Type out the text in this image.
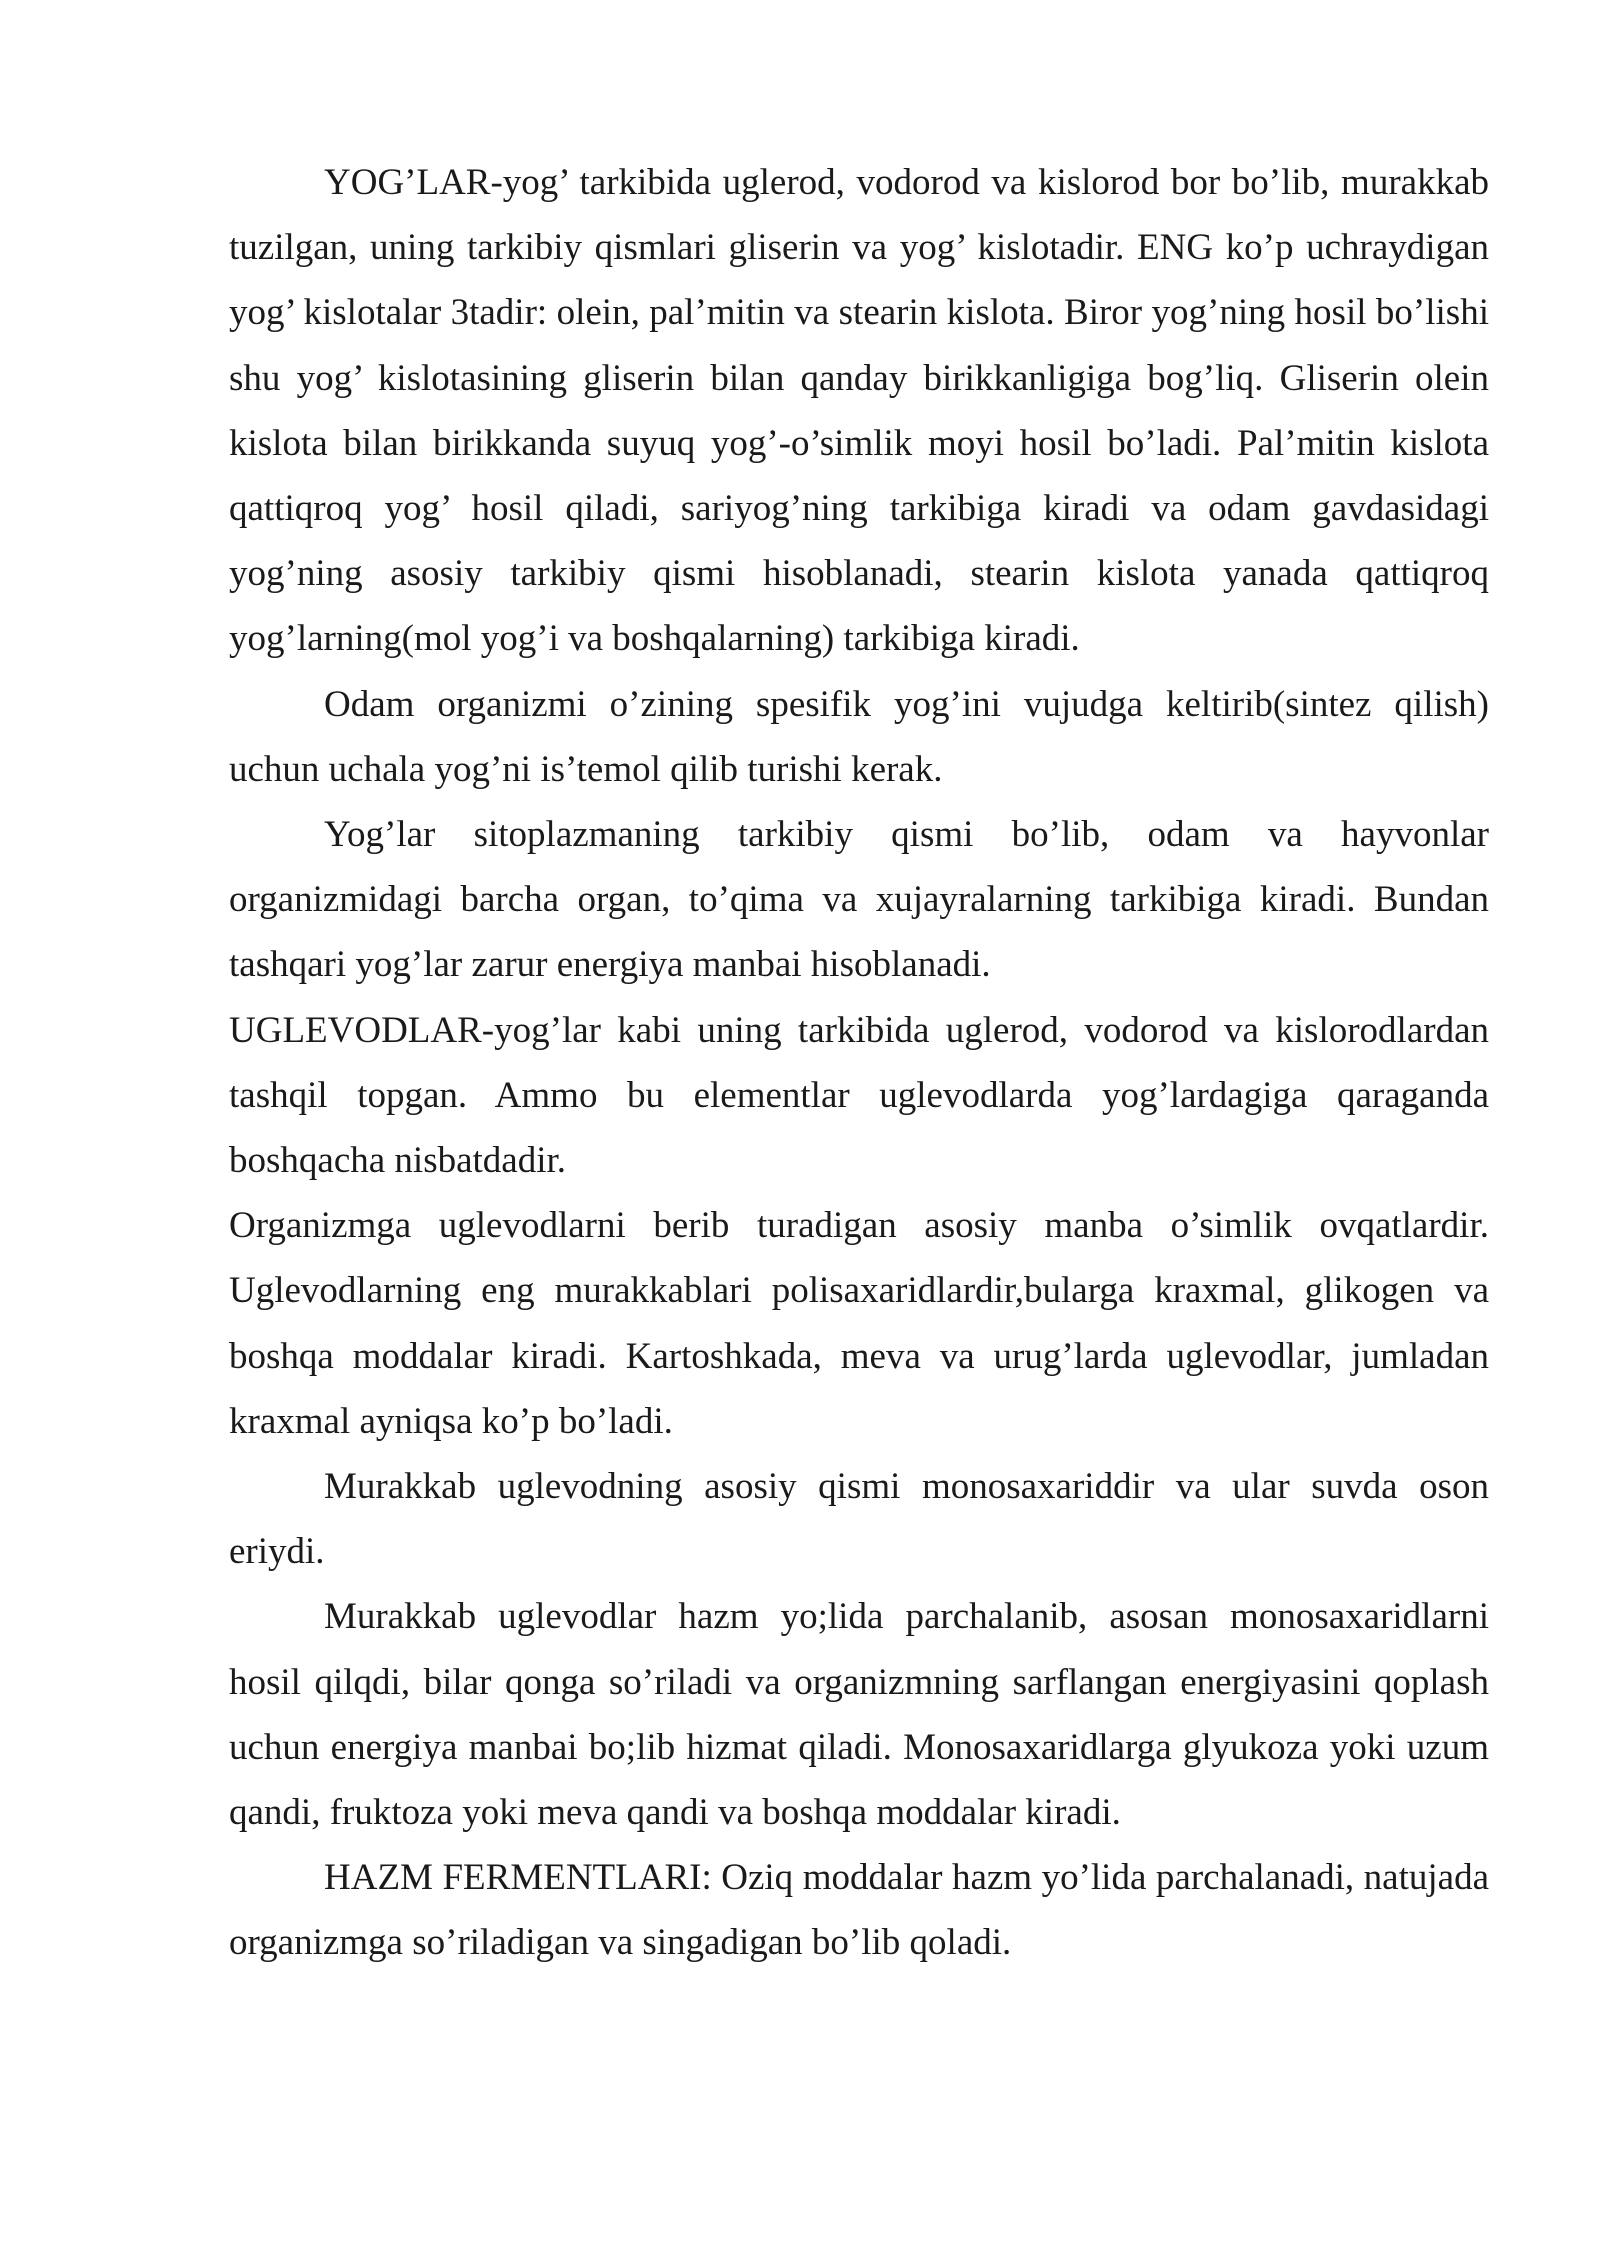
YOG’LAR-yog’ tarkibida uglerod, vodorod va kislorod bor bo’lib, murakkab tuzilgan, uning tarkibiy qismlari gliserin va yog’ kislotadir. ENG ko’p uchraydigan yog’ kislotalar 3tadir: olein, pal’mitin va stearin kislota. Biror yog’ning hosil bo’lishi shu yog’ kislotasining gliserin bilan qanday birikkanligiga bog’liq. Gliserin olein kislota bilan birikkanda suyuq yog’-o’simlik moyi hosil bo’ladi. Pal’mitin kislota qattiqroq yog’ hosil qiladi, sariyog’ning tarkibiga kiradi va odam gavdasidagi yog’ning asosiy tarkibiy qismi hisoblanadi, stearin kislota yanada qattiqroq yog’larning(mol yog’i va boshqalarning) tarkibiga kiradi.

Odam organizmi o’zining spesifik yog’ini vujudga keltirib(sintez qilish) uchun uchala yog’ni is’temol qilib turishi kerak.

Yog’lar sitoplazmaning tarkibiy qismi bo’lib, odam va hayvonlar organizmidagi barcha organ, to’qima va xujayralarning tarkibiga kiradi. Bundan tashqari yog’lar zarur energiya manbai hisoblanadi.

UGLEVODLAR-yog’lar kabi uning tarkibida uglerod, vodorod va kislorodlardan tashqil topgan. Ammo bu elementlar uglevodlarda yog’lardagiga qaraganda boshqacha nisbatdadir.

Organizmga uglevodlarni berib turadigan asosiy manba o’simlik ovqatlardir. Uglevodlarning eng murakkablari polisaxaridlardir,bularga kraxmal, glikogen va boshqa moddalar kiradi. Kartoshkada, meva va urug’larda uglevodlar, jumladan kraxmal ayniqsa ko’p bo’ladi.

Murakkab uglevodning asosiy qismi monosaxariddir va ular suvda oson eriydi.

Murakkab uglevodlar hazm yo;lida parchalanib, asosan monosaxaridlarni hosil qilqdi, bilar qonga so’riladi va organizmning sarflangan energiyasini qoplash uchun energiya manbai bo;lib hizmat qiladi. Monosaxaridlarga glyukoza yoki uzum qandi, fruktoza yoki meva qandi va boshqa moddalar kiradi.

HAZM FERMENTLARI: Oziq moddalar hazm yo’lida parchalanadi, natujada organizmga so’riladigan va singadigan bo’lib qoladi.
